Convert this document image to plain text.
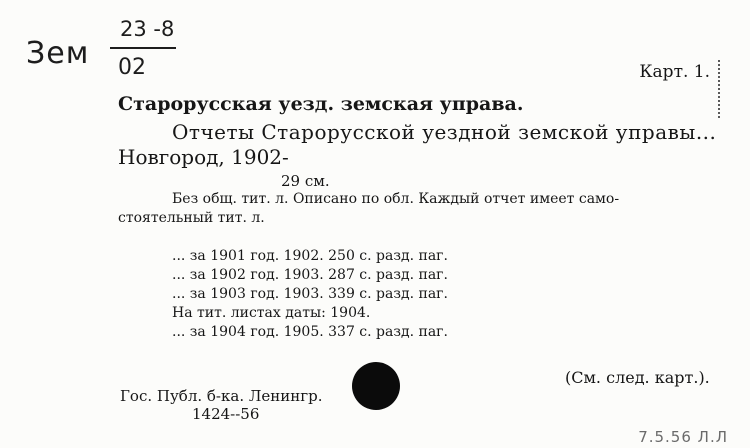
Зем
23 -8
02	Карт. 1.
Старорусская уезд. земская управа.
Отчеты Старорусской уездной земской управы...
Новгород, 1902-
29 см.
Без общ. тит. л. Описано по обл. Каждый отчет имеет само-
стоятельный тит. л.
... за 1901 год. 1902. 250 с. разд. паг.
... за 1902 год. 1903. 287 с. разд. паг.
... за 1903 год. 1903. 339 с. разд. паг.
На тит. листах даты: 1904.
... за 1904 год. 1905. 337 с. разд. паг.
(См. след. карт.).
Гос. Публ. б-ка. Ленингр.
1424--56
7.5.56 Л.Л
